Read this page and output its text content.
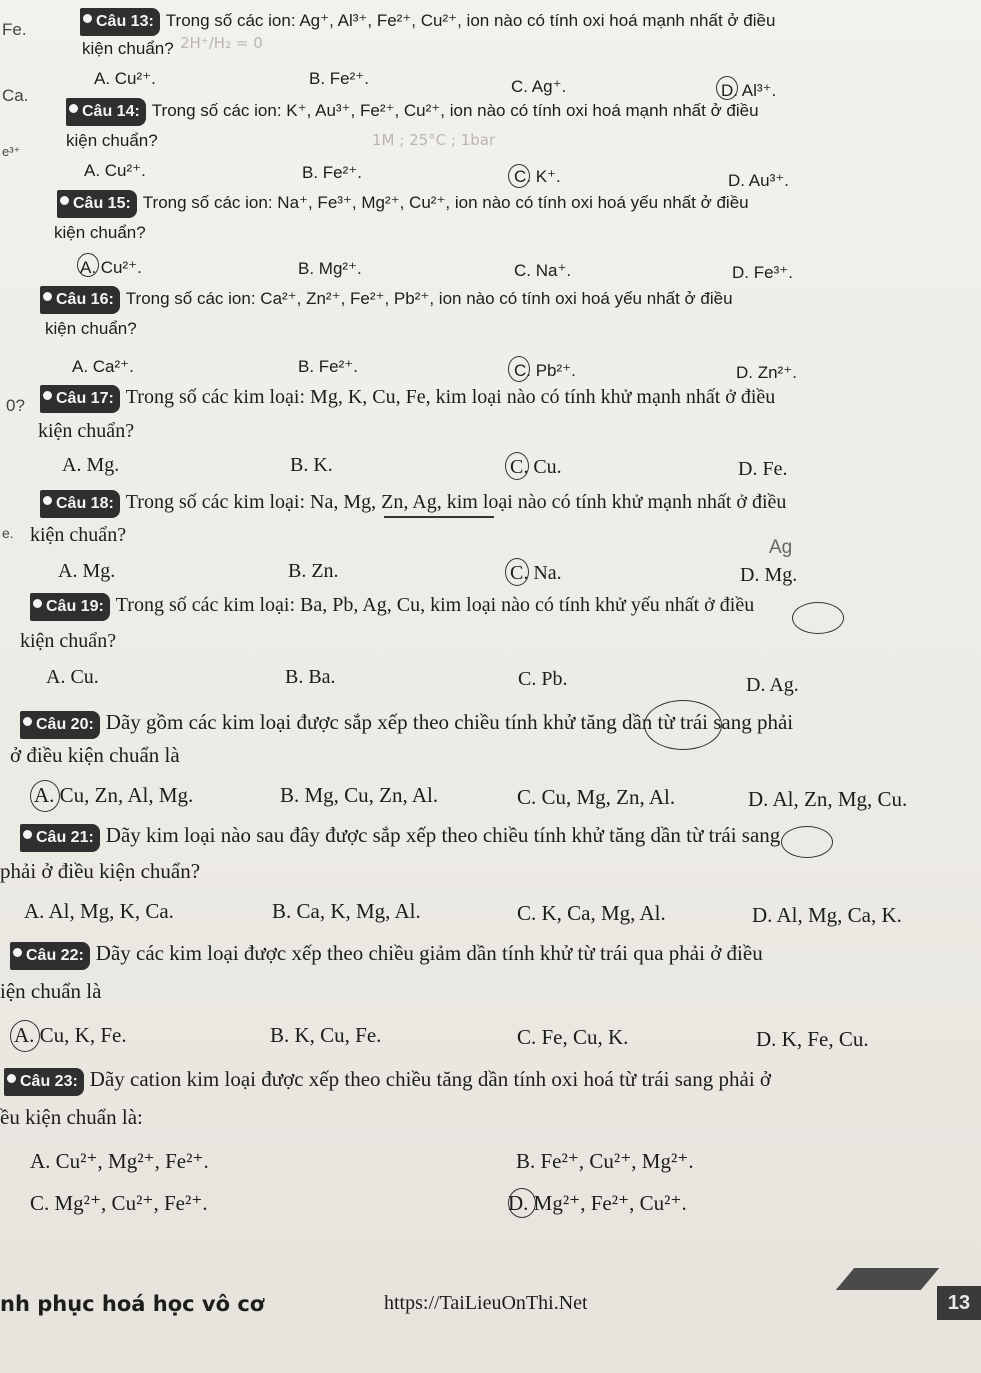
Fe.
Ca.
e³⁺
0?
e.
Ag
2H⁺/H₂ = 0
1M ; 25°C ; 1bar
Câu 13: Trong số các ion: Ag⁺, Al³⁺, Fe²⁺, Cu²⁺, ion nào có tính oxi hoá mạnh nhất ở điều
kiện chuẩn?
A. Cu²⁺.	B. Fe²⁺.	C. Ag⁺.	D. Al³⁺.
Câu 14: Trong số các ion: K⁺, Au³⁺, Fe²⁺, Cu²⁺, ion nào có tính oxi hoá mạnh nhất ở điều
kiện chuẩn?
A. Cu²⁺.	B. Fe²⁺.	C. K⁺.	D. Au³⁺.
Câu 15: Trong số các ion: Na⁺, Fe³⁺, Mg²⁺, Cu²⁺, ion nào có tính oxi hoá yếu nhất ở điều
kiện chuẩn?
A. Cu²⁺.	B. Mg²⁺.	C. Na⁺.	D. Fe³⁺.
Câu 16: Trong số các ion: Ca²⁺, Zn²⁺, Fe²⁺, Pb²⁺, ion nào có tính oxi hoá yếu nhất ở điều
kiện chuẩn?
A. Ca²⁺.	B. Fe²⁺.	C. Pb²⁺.	D. Zn²⁺.
Câu 17: Trong số các kim loại: Mg, K, Cu, Fe, kim loại nào có tính khử mạnh nhất ở điều
kiện chuẩn?
A. Mg.	B. K.	C. Cu.	D. Fe.
Câu 18: Trong số các kim loại: Na, Mg, Zn, Ag, kim loại nào có tính khử mạnh nhất ở điều
kiện chuẩn?
A. Mg.	B. Zn.	C. Na.	D. Mg.
Câu 19: Trong số các kim loại: Ba, Pb, Ag, Cu, kim loại nào có tính khử yếu nhất ở điều
kiện chuẩn?
A. Cu.	B. Ba.	C. Pb.	D. Ag.
Câu 20: Dãy gồm các kim loại được sắp xếp theo chiều tính khử tăng dần từ trái sang phải
ở điều kiện chuẩn là
A. Cu, Zn, Al, Mg.	B. Mg, Cu, Zn, Al.	C. Cu, Mg, Zn, Al.	D. Al, Zn, Mg, Cu.
Câu 21: Dãy kim loại nào sau đây được sắp xếp theo chiều tính khử tăng dần từ trái sang
phải ở điều kiện chuẩn?
A. Al, Mg, K, Ca.	B. Ca, K, Mg, Al.	C. K, Ca, Mg, Al.	D. Al, Mg, Ca, K.
Câu 22: Dãy các kim loại được xếp theo chiều giảm dần tính khử từ trái qua phải ở điều
iện chuẩn là
A. Cu, K, Fe.	B. K, Cu, Fe.	C. Fe, Cu, K.	D. K, Fe, Cu.
Câu 23: Dãy cation kim loại được xếp theo chiều tăng dần tính oxi hoá từ trái sang phải ở
ều kiện chuẩn là:
A. Cu²⁺, Mg²⁺, Fe²⁺.	B. Fe²⁺, Cu²⁺, Mg²⁺.
C. Mg²⁺, Cu²⁺, Fe²⁺.	D. Mg²⁺, Fe²⁺, Cu²⁺.
nh phục hoá học vô cơ	https://TaiLieuOnThi.Net	13
